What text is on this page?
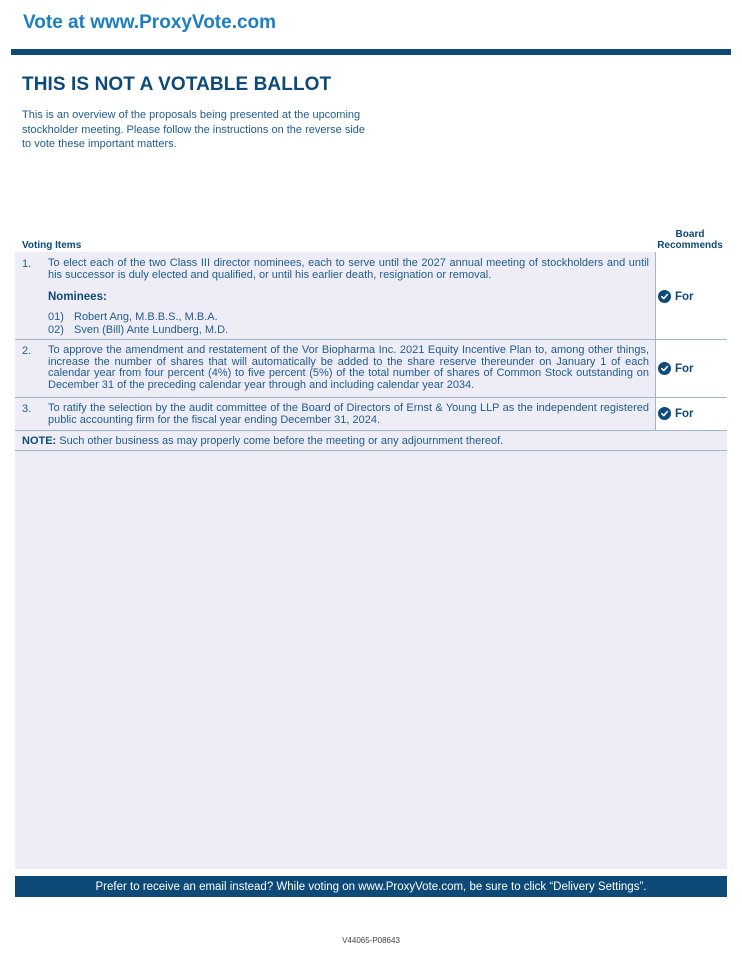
Vote at www.ProxyVote.com
THIS IS NOT A VOTABLE BALLOT

This is an overview of the proposals being presented at the upcoming stockholder meeting. Please follow the instructions on the reverse side to vote these important matters.

Voting Items
Board
Recommends
1. To elect each of the two Class III director nominees, each to serve until the 2027 annual meeting of stockholders and until his successor is duly elected and qualified, or until his earlier death, resignation or removal.

Nominees:
01) Robert Ang, M.B.B.S., M.B.A.
02) Sven (Bill) Ante Lundberg, M.D.
For
2. To approve the amendment and restatement of the Vor Biopharma Inc. 2021 Equity Incentive Plan to, among other things, increase the number of shares that will automatically be added to the share reserve thereunder on January 1 of each calendar year from four percent (4%) to five percent (5%) of the total number of shares of Common Stock outstanding on December 31 of the preceding calendar year through and including calendar year 2034.

For
3. To ratify the selection by the audit committee of the Board of Directors of Ernst & Young LLP as the independent registered public accounting firm for the fiscal year ending December 31, 2024.	For
NOTE: Such other business as may properly come before the meeting or any adjournment thereof.
Prefer to receive an email instead? While voting on www.ProxyVote.com, be sure to click “Delivery Settings”.
V44065-P08643
